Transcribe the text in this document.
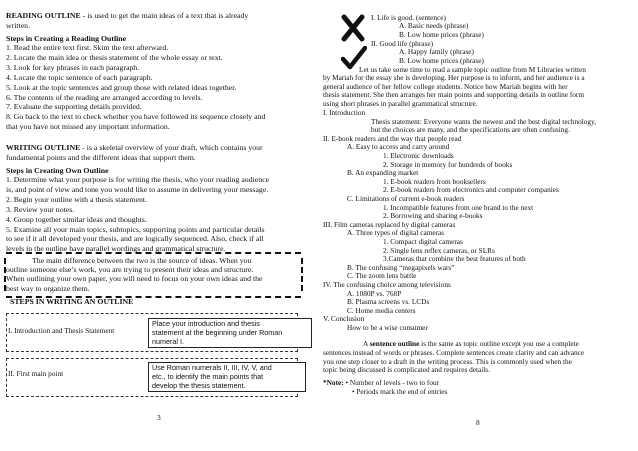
READING OUTLINE - is used to get the main ideas of a text that is already
written.
Steps in Creating a Reading Outline
1. Read the entire text first. Skim the text afterward.
2. Locate the main idea or thesis statement of the whole essay or text.
3. Look for key phrases in each paragraph.
4. Locate the topic sentence of each paragraph.
5. Look at the topic sentences and group those with related ideas together.
6. The contents of the reading are arranged according to levels.
7. Evaluate the supporting details provided.
8. Go back to the text to check whether you have followed its sequence closely and
that you have not missed any important information.
WRITING OUTLINE - is a skeletal overview of your draft, which contains your
fundamental points and the different ideas that support them.
Steps in Creating Own Outline
1. Determine what your purpose is for writing the thesis, who your reading audience
is, and point of view and tone you would like to assume in delivering your message.
2. Begin your outline with a thesis statement.
3. Review your notes.
4. Group together similar ideas and thoughts.
5. Examine all your main topics, subtopics, supporting points and particular details
to see if it all developed your thesis, and are logically sequenced. Also, check if all
levels in the outline have parallel wordings and grammatical structure.
The main difference between the two is the source of ideas. When you
outline someone else’s work, you are trying to present their ideas and structure.
When outlining your own paper, you will need to focus on your own ideas and the
best way to organize them.
STEPS IN WRITING AN OUTLINE
I. Introduction and Thesis Statement
Place your introduction and thesis
statement at the beginning under Roman
numeral I.
II. First main point
Use Roman numerals II, III, IV, V, and
etc., to identify the main points that
develop the thesis statement.
3
I. Life is good. (sentence)
A. Basic needs (phrase)
B. Low home prices (phrase)
II. Good life (phrase)
A. Happy family (phrase)
B. Low home prices (phrase)
Let us take some time to read a sample topic outline from M Libraries written
by Mariah for the essay she is developing. Her purpose is to inform, and her audience is a
general audience of her fellow college students. Notice how Mariah begins with her
thesis statement. She then arranges her main points and supporting details in outline form
using short phrases in parallel grammatical structure.
I. Introduction
Thesis statement: Everyone wants the newest and the best digital technology,
but the choices are many, and the specifications are often confusing.
II. E-book readers and the way that people read
A. Easy to access and carry around
1. Electronic downloads
2. Storage in memory for hundreds of books
B. An expanding market
1. E-book readers from booksellers
2. E-book readers from electronics and computer companies
C. Limitations of current e-book readers
1. Incompatible features from one brand to the next
2. Borrowing and sharing e-books
III. Film cameras replaced by digital cameras
A. Three types of digital cameras
1. Compact digital cameras
2. Single lens reflex cameras, or SLRs
3.Cameras that combine the best features of both
B. The confusing “megapixels wars”
C. The zoom lens battle
IV. The confusing choice among televisions
A. 1080P vs. 768P
B. Plasma screens vs. LCDs
C. Home media centers
V. Conclusion
How to be a wise consumer
A sentence outline is the same as topic outline except you use a complete
sentences instead of words or phrases. Complete sentences create clarity and can advance
you one step closer to a draft in the writing process. This is commonly used when the
topic being discussed is complicated and requires details.
*Note: • Number of levels - two to four
• Periods mark the end of entries
8
